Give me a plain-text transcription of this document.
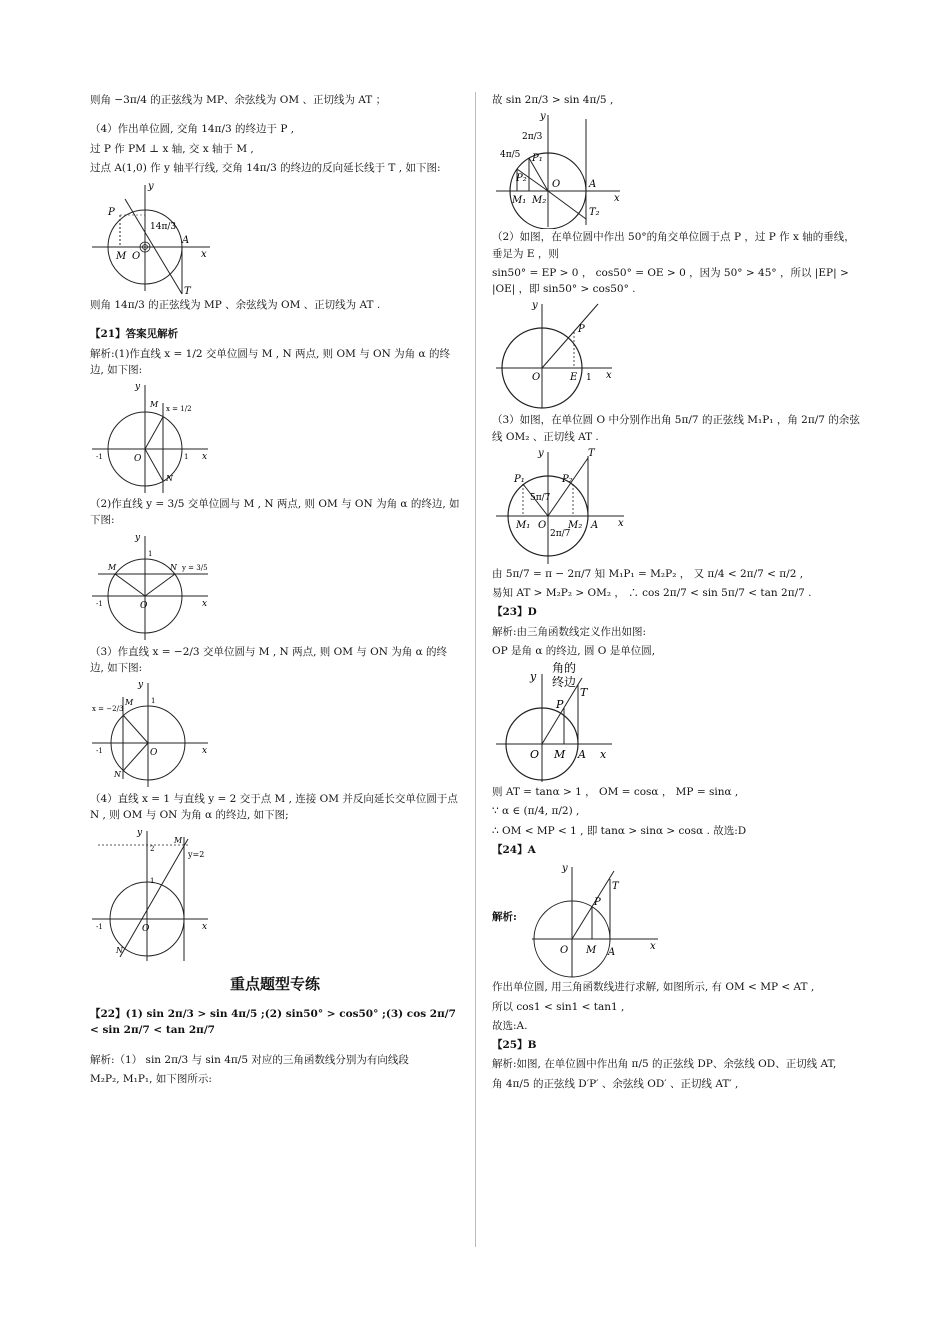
则角 −3π/4 的正弦线为 MP、余弦线为 OM 、正切线为 AT ；

（4）作出单位圆, 交角 14π/3 的终边于 P ,

过 P 作 PM ⊥ x 轴, 交 x 轴于 M ,

过点 A(1,0) 作 y 轴平行线, 交角 14π/3 的终边的反向延长线于 T , 如下图:

P
M O
A
T
x
y
14π/3

则角 14π/3 的正弦线为 MP 、余弦线为 OM 、正切线为 AT .

【21】答案见解析

解析:(1)作直线 x = 1/2 交单位圆与 M , N 两点, 则 OM 与 ON 为角 α 的终边, 如下图:

M
N
O	x
y
x = 1/2
1
-1

（2)作直线 y = 3/5 交单位圆与 M , N 两点, 则 OM 与 ON 为角 α 的终边, 如下图:

M	N
O	x
y
y = 3/5
1
-1

（3）作直线 x = −2/3 交单位圆与 M , N 两点, 则 OM 与 ON 为角 α 的终边, 如下图:

M
N
O	x
y
x = −2/3
1
-1

（4）直线 x = 1 与直线 y = 2 交于点 M , 连接 OM 并反向延长交单位圆于点 N , 则 OM 与 ON 为角 α 的终边, 如下图;

M
N
O	x
y
y=2
1
2
-1
重点题型专练

【22】(1) sin 2π/3 > sin 4π/5 ;(2) sin50° > cos50° ;(3) cos 2π/7 < sin 2π/7 < tan 2π/7

解析:（1） sin 2π/3 与 sin 4π/5 对应的三角函数线分别为有向线段

M₂P₂, M₁P₁, 如下图所示:

故 sin 2π/3 > sin 4π/5 ,

P₁
P₂
M₁ M₂
O	A
T₂
x
y
4π/5
2π/3

（2）如图，在单位圆中作出 50°的角交单位圆于点 P ，过 P 作 x 轴的垂线，垂足为 E ，则

sin50° = EP > 0 ， cos50° = OE > 0 ，因为 50° > 45° ，所以 |EP| > |OE| ，即 sin50° > cos50° .

P
O	E 1 x
y

（3）如图，在单位圆 O 中分别作出角 5π/7 的正弦线 M₁P₁ ，角 2π/7 的余弦线 OM₂ 、正切线 AT .

P₁	P₂
M₁	M₂
O	A
T
x
y
5π/7
2π/7

由 5π/7 = π − 2π/7 知 M₁P₁ = M₂P₂ ， 又 π/4 < 2π/7 < π/2 ,

易知 AT > M₂P₂ > OM₂ ， ∴ cos 2π/7 < sin 5π/7 < tan 2π/7 .

【23】D

解析:由三角函数线定义作出如图:

OP 是角 α 的终边, 圆 O 是单位圆,

角的
终边
P
T
O M A x
y

则 AT = tanα > 1 ， OM = cosα ， MP = sinα ,

∵ α ∈ (π/4, π/2) ,

∴ OM < MP < 1 , 即 tanα > sinα > cosα . 故选:D

【24】A

解析:
P
T
O M A
x
y

作出单位圆, 用三角函数线进行求解, 如图所示, 有 OM < MP < AT ,

所以 cos1 < sin1 < tan1 ,

故选:A.

【25】B

解析:如图, 在单位圆中作出角 π/5 的正弦线 DP、余弦线 OD、正切线 AT,

角 4π/5 的正弦线 D′P′ 、余弦线 OD′ 、正切线 AT′ ,
